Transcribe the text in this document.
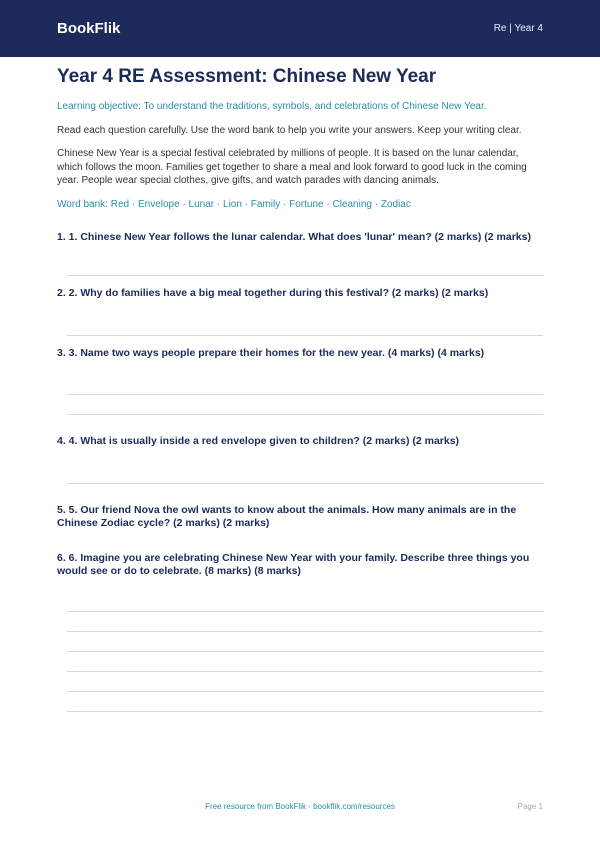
BookFlik	Re | Year 4
Year 4 RE Assessment: Chinese New Year
Learning objective: To understand the traditions, symbols, and celebrations of Chinese New Year.
Read each question carefully. Use the word bank to help you write your answers. Keep your writing clear.
Chinese New Year is a special festival celebrated by millions of people. It is based on the lunar calendar, which follows the moon. Families get together to share a meal and look forward to good luck in the coming year. People wear special clothes, give gifts, and watch parades with dancing animals.
Word bank: Red · Envelope · Lunar · Lion · Family · Fortune · Cleaning · Zodiac
1. 1. Chinese New Year follows the lunar calendar. What does 'lunar' mean? (2 marks) (2 marks)
2. 2. Why do families have a big meal together during this festival? (2 marks) (2 marks)
3. 3. Name two ways people prepare their homes for the new year. (4 marks) (4 marks)
4. 4. What is usually inside a red envelope given to children? (2 marks) (2 marks)
5. 5. Our friend Nova the owl wants to know about the animals. How many animals are in the Chinese Zodiac cycle? (2 marks) (2 marks)
6. 6. Imagine you are celebrating Chinese New Year with your family. Describe three things you would see or do to celebrate. (8 marks) (8 marks)
Free resource from BookFlik · bookflik.com/resources	Page 1
